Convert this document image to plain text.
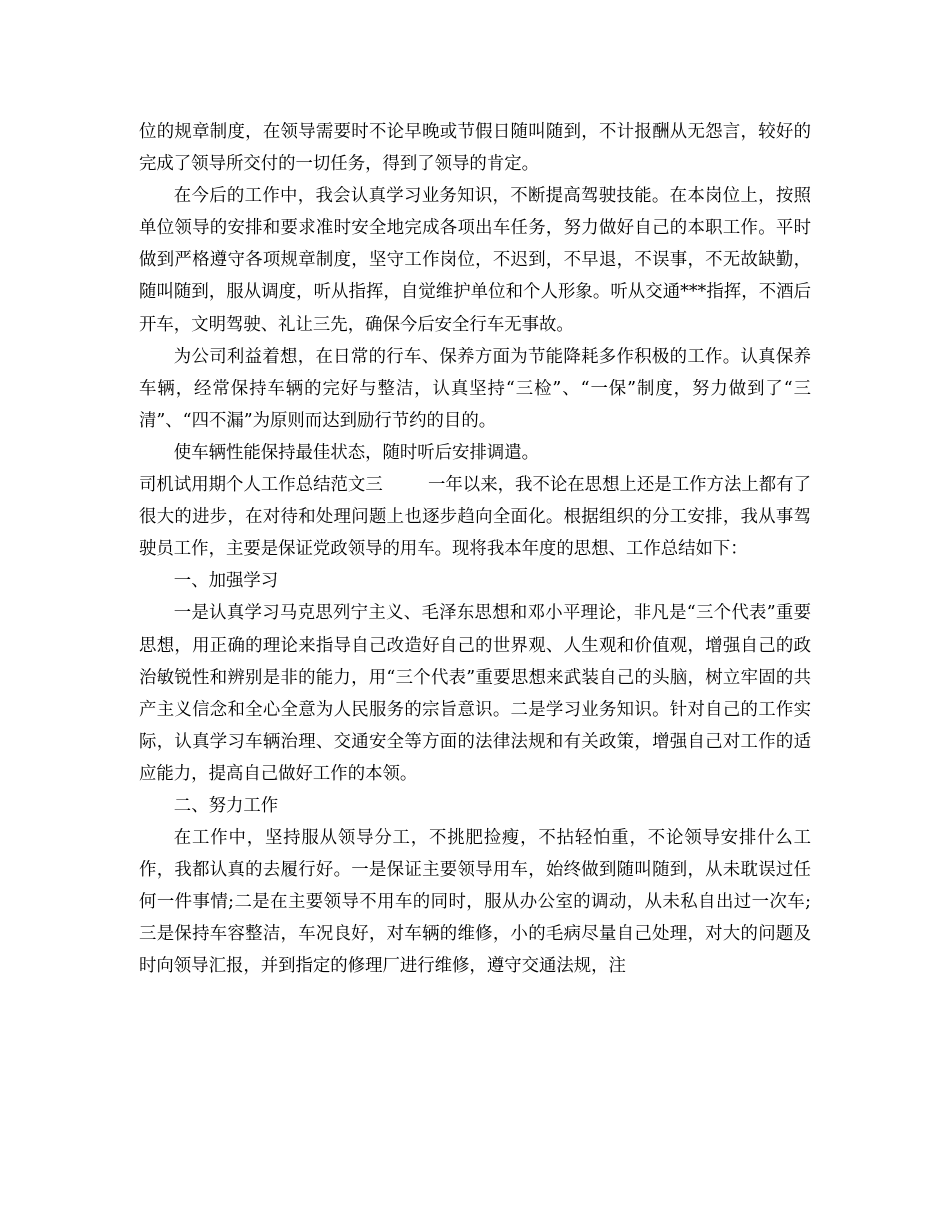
位的规章制度，在领导需要时不论早晚或节假日随叫随到，不计报酬从无怨言，较好的完成了领导所交付的一切任务，得到了领导的肯定。

在今后的工作中，我会认真学习业务知识，不断提高驾驶技能。在本岗位上，按照单位领导的安排和要求准时安全地完成各项出车任务，努力做好自己的本职工作。平时做到严格遵守各项规章制度，坚守工作岗位，不迟到，不早退，不误事，不无故缺勤，随叫随到，服从调度，听从指挥，自觉维护单位和个人形象。听从交通***指挥，不酒后开车，文明驾驶、礼让三先，确保今后安全行车无事故。

为公司利益着想，在日常的行车、保养方面为节能降耗多作积极的工作。认真保养车辆，经常保持车辆的完好与整洁，认真坚持“三检”、“一保”制度，努力做到了“三清”、“四不漏”为原则而达到励行节约的目的。

使车辆性能保持最佳状态，随时听后安排调遣。

司机试用期个人工作总结范文三	一年以来，我不论在思想上还是工作方法上都有了很大的进步，在对待和处理问题上也逐步趋向全面化。根据组织的分工安排，我从事驾驶员工作，主要是保证党政领导的用车。现将我本年度的思想、工作总结如下：

一、加强学习

一是认真学习马克思列宁主义、毛泽东思想和邓小平理论，非凡是“三个代表”重要思想，用正确的理论来指导自己改造好自己的世界观、人生观和价值观，增强自己的政治敏锐性和辨别是非的能力，用“三个代表”重要思想来武装自己的头脑，树立牢固的共产主义信念和全心全意为人民服务的宗旨意识。二是学习业务知识。针对自己的工作实际，认真学习车辆治理、交通安全等方面的法律法规和有关政策，增强自己对工作的适应能力，提高自己做好工作的本领。

二、努力工作

在工作中，坚持服从领导分工，不挑肥捡瘦，不拈轻怕重，不论领导安排什么工作，我都认真的去履行好。一是保证主要领导用车，始终做到随叫随到，从未耽误过任何一件事情;二是在主要领导不用车的同时，服从办公室的调动，从未私自出过一次车;三是保持车容整洁，车况良好，对车辆的维修，小的毛病尽量自己处理，对大的问题及时向领导汇报，并到指定的修理厂进行维修，遵守交通法规，注
